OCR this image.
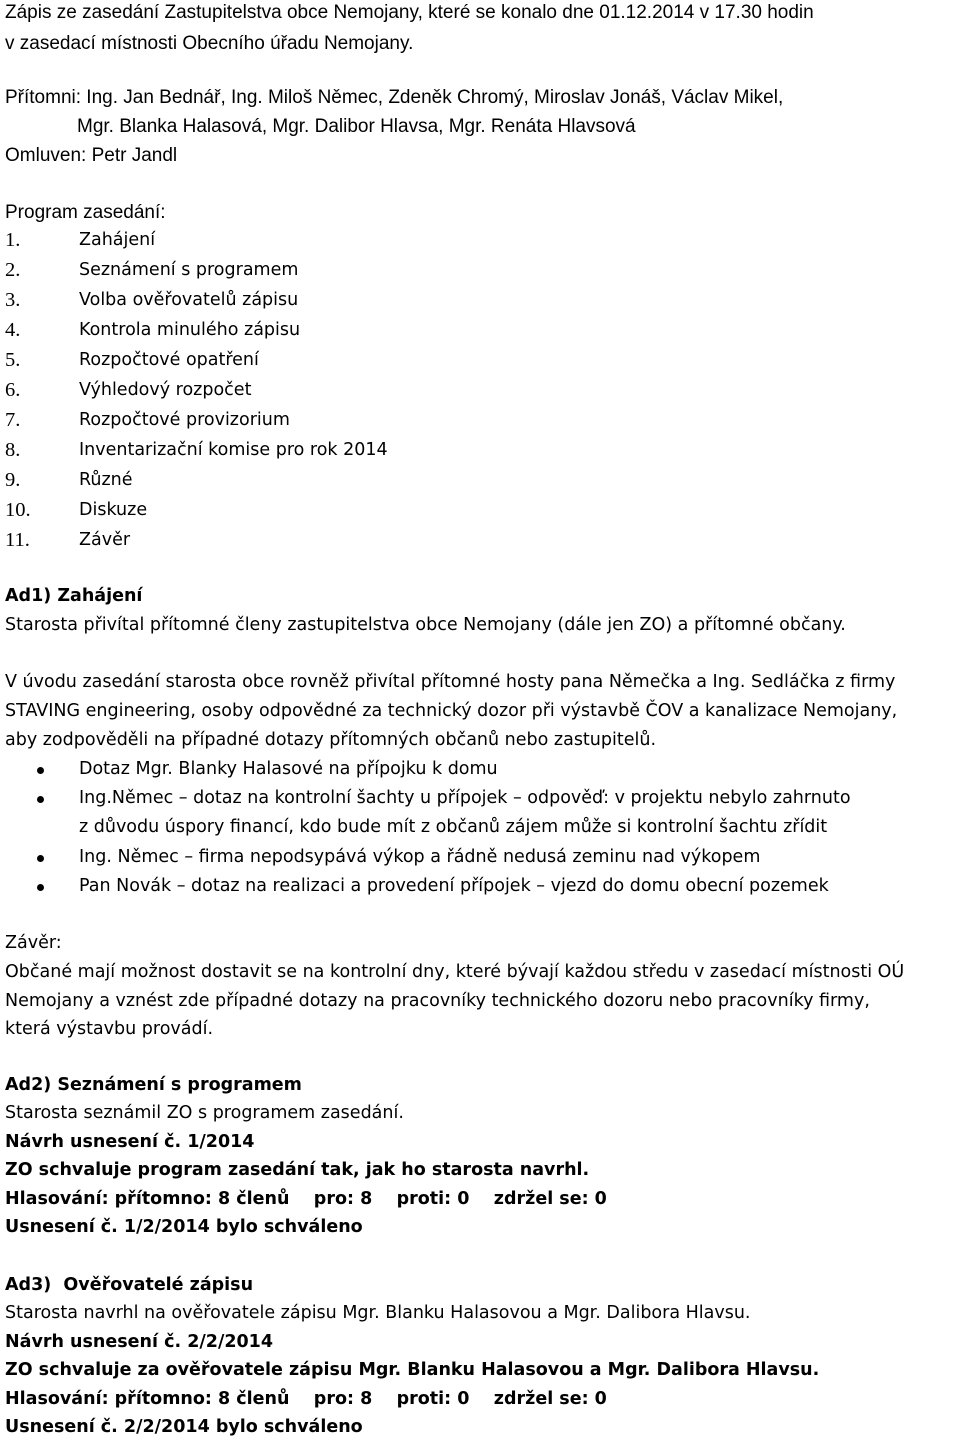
Zápis ze zasedání Zastupitelstva obce Nemojany, které se konalo dne 01.12.2014 v 17.30 hodin
v zasedací místnosti Obecního úřadu Nemojany.
Přítomni: Ing. Jan Bednář, Ing. Miloš Němec, Zdeněk Chromý, Miroslav Jonáš, Václav Mikel,
Mgr. Blanka Halasová, Mgr. Dalibor Hlavsa, Mgr. Renáta Hlavsová
Omluven: Petr Jandl
Program zasedání:
1.	Zahájení
2.	Seznámení s programem
3.	Volba ověřovatelů zápisu
4.	Kontrola minulého zápisu
5.	Rozpočtové opatření
6.	Výhledový rozpočet
7.	Rozpočtové provizorium
8.	Inventarizační komise pro rok 2014
9.	Různé
10.	Diskuze
11.	Závěr
Ad1) Zahájení
Starosta přivítal přítomné členy zastupitelstva obce Nemojany (dále jen ZO) a přítomné občany.
V úvodu zasedání starosta obce rovněž přivítal přítomné hosty pana Němečka a Ing. Sedláčka z firmy
STAVING engineering, osoby odpovědné za technický dozor při výstavbě ČOV a kanalizace Nemojany,
aby zodpověděli na případné dotazy přítomných občanů nebo zastupitelů.
Dotaz Mgr. Blanky Halasové na přípojku k domu
Ing.Němec – dotaz na kontrolní šachty u přípojek – odpověď: v projektu nebylo zahrnuto
z důvodu úspory financí, kdo bude mít z občanů zájem může si kontrolní šachtu zřídit
Ing. Němec – firma nepodsypává výkop a řádně nedusá zeminu nad výkopem
Pan Novák – dotaz na realizaci a provedení přípojek – vjezd do domu obecní pozemek
Závěr:
Občané mají možnost dostavit se na kontrolní dny, které bývají každou středu v zasedací místnosti OÚ
Nemojany a vznést zde případné dotazy na pracovníky technického dozoru nebo pracovníky firmy,
která výstavbu provádí.
Ad2) Seznámení s programem
Starosta seznámil ZO s programem zasedání.
Návrh usnesení č. 1/2014
ZO schvaluje program zasedání tak, jak ho starosta navrhl.
Hlasování: přítomno: 8 členů    pro: 8    proti: 0    zdržel se: 0
Usnesení č. 1/2/2014 bylo schváleno
Ad3)  Ověřovatelé zápisu
Starosta navrhl na ověřovatele zápisu Mgr. Blanku Halasovou a Mgr. Dalibora Hlavsu.
Návrh usnesení č. 2/2/2014
ZO schvaluje za ověřovatele zápisu Mgr. Blanku Halasovou a Mgr. Dalibora Hlavsu.
Hlasování: přítomno: 8 členů    pro: 8    proti: 0    zdržel se: 0
Usnesení č. 2/2/2014 bylo schváleno
